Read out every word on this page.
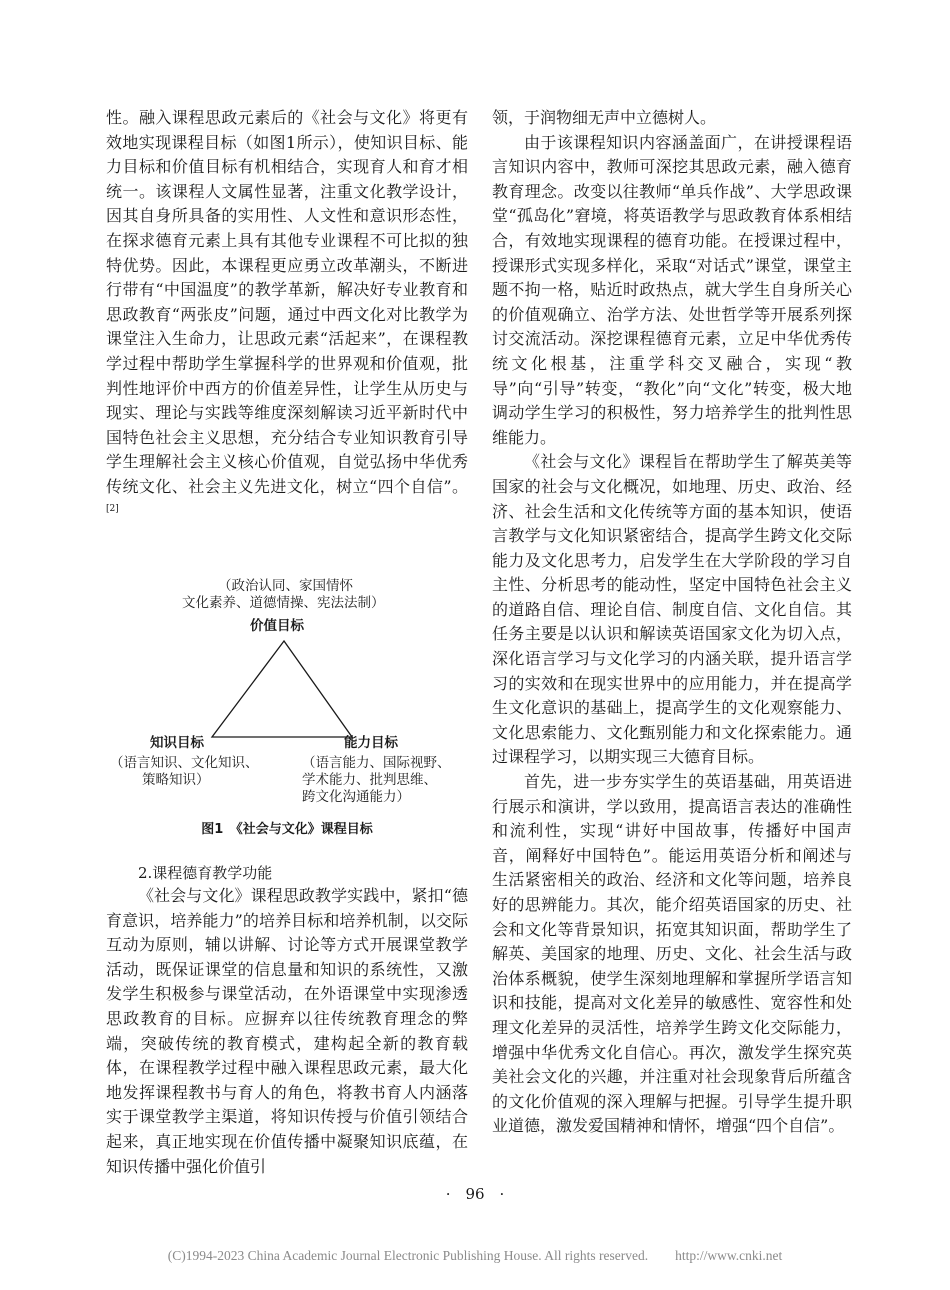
性。融入课程思政元素后的《社会与文化》将更有效地实现课程目标（如图1所示），使知识目标、能力目标和价值目标有机相结合，实现育人和育才相统一。该课程人文属性显著，注重文化教学设计，因其自身所具备的实用性、人文性和意识形态性，在探求德育元素上具有其他专业课程不可比拟的独特优势。因此，本课程更应勇立改革潮头，不断进行带有“中国温度”的教学革新，解决好专业教育和思政教育“两张皮”问题，通过中西文化对比教学为课堂注入生命力，让思政元素“活起来”，在课程教学过程中帮助学生掌握科学的世界观和价值观，批判性地评价中西方的价值差异性，让学生从历史与现实、理论与实践等维度深刻解读习近平新时代中国特色社会主义思想，充分结合专业知识教育引导学生理解社会主义核心价值观，自觉弘扬中华优秀传统文化、社会主义先进文化，树立“四个自信”。[2]

（政治认同、家国情怀
文化素养、道德情操、宪法法制）
价值目标
知识目标	能力目标
（语言知识、文化知识、
策略知识）
（语言能力、国际视野、
学术能力、批判思维、
跨文化沟通能力）
图1　《社会与文化》课程目标
2.课程德育教学功能

《社会与文化》课程思政教学实践中，紧扣“德育意识，培养能力”的培养目标和培养机制，以交际互动为原则，辅以讲解、讨论等方式开展课堂教学活动，既保证课堂的信息量和知识的系统性，又激发学生积极参与课堂活动，在外语课堂中实现渗透思政教育的目标。应摒弃以往传统教育理念的弊端，突破传统的教育模式，建构起全新的教育载体，在课程教学过程中融入课程思政元素，最大化地发挥课程教书与育人的角色，将教书育人内涵落实于课堂教学主渠道，将知识传授与价值引领结合起来，真正地实现在价值传播中凝聚知识底蕴，在知识传播中强化价值引

领，于润物细无声中立德树人。

由于该课程知识内容涵盖面广，在讲授课程语言知识内容中，教师可深挖其思政元素，融入德育教育理念。改变以往教师“单兵作战”、大学思政课堂“孤岛化”窘境，将英语教学与思政教育体系相结合，有效地实现课程的德育功能。在授课过程中，授课形式实现多样化，采取“对话式”课堂，课堂主题不拘一格，贴近时政热点，就大学生自身所关心的价值观确立、治学方法、处世哲学等开展系列探讨交流活动。深挖课程德育元素，立足中华优秀传统文化根基，注重学科交叉融合，实现“教导”向“引导”转变，“教化”向“文化”转变，极大地调动学生学习的积极性，努力培养学生的批判性思维能力。

《社会与文化》课程旨在帮助学生了解英美等国家的社会与文化概况，如地理、历史、政治、经济、社会生活和文化传统等方面的基本知识，使语言教学与文化知识紧密结合，提高学生跨文化交际能力及文化思考力，启发学生在大学阶段的学习自主性、分析思考的能动性，坚定中国特色社会主义的道路自信、理论自信、制度自信、文化自信。其任务主要是以认识和解读英语国家文化为切入点，深化语言学习与文化学习的内涵关联，提升语言学习的实效和在现实世界中的应用能力，并在提高学生文化意识的基础上，提高学生的文化观察能力、文化思索能力、文化甄别能力和文化探索能力。通过课程学习，以期实现三大德育目标。

首先，进一步夯实学生的英语基础，用英语进行展示和演讲，学以致用，提高语言表达的准确性和流利性，实现“讲好中国故事，传播好中国声音，阐释好中国特色”。能运用英语分析和阐述与生活紧密相关的政治、经济和文化等问题，培养良好的思辨能力。其次，能介绍英语国家的历史、社会和文化等背景知识，拓宽其知识面，帮助学生了解英、美国家的地理、历史、文化、社会生活与政治体系概貌，使学生深刻地理解和掌握所学语言知识和技能，提高对文化差异的敏感性、宽容性和处理文化差异的灵活性，培养学生跨文化交际能力，增强中华优秀文化自信心。再次，激发学生探究英美社会文化的兴趣，并注重对社会现象背后所蕴含的文化价值观的深入理解与把握。引导学生提升职业道德，激发爱国精神和情怀，增强“四个自信”。

·　96　·
(C)1994-2023 China Academic Journal Electronic Publishing House. All rights reserved.　　http://www.cnki.net
